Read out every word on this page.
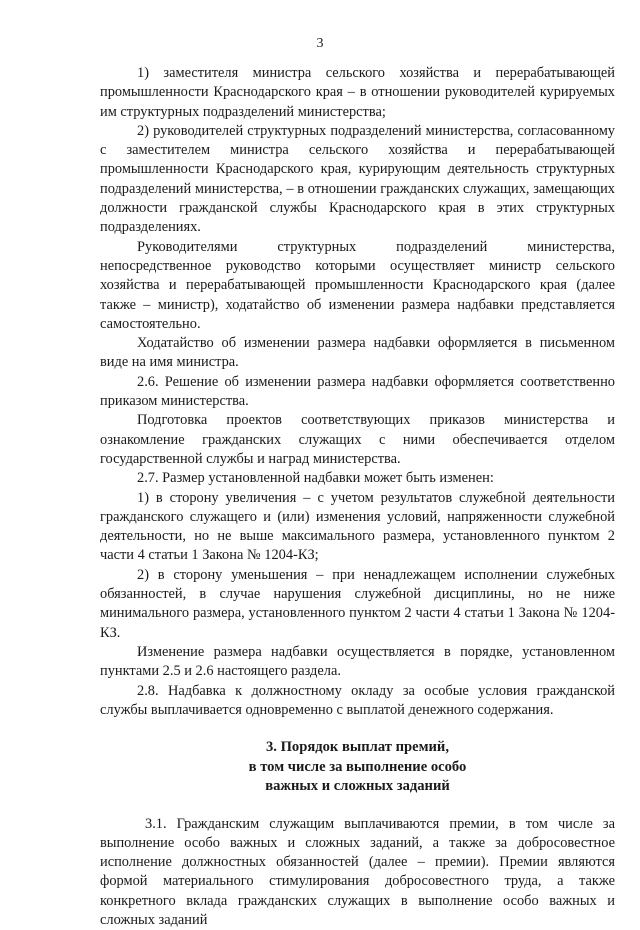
3

1) заместителя министра сельского хозяйства и перерабатывающей промышленности Краснодарского края – в отношении руководителей курируемых им структурных подразделений министерства;

2) руководителей структурных подразделений министерства, согласованному с заместителем министра сельского хозяйства и перерабатывающей промышленности Краснодарского края, курирующим деятельность структурных подразделений министерства, – в отношении гражданских служащих, замещающих должности гражданской службы Краснодарского края в этих структурных подразделениях.

Руководителями структурных подразделений министерства, непосредственное руководство которыми осуществляет министр сельского хозяйства и перерабатывающей промышленности Краснодарского края (далее также – министр), ходатайство об изменении размера надбавки представляется самостоятельно.

Ходатайство об изменении размера надбавки оформляется в письменном виде на имя министра.

2.6. Решение об изменении размера надбавки оформляется соответственно приказом министерства.

Подготовка проектов соответствующих приказов министерства и ознакомление гражданских служащих с ними обеспечивается отделом государственной службы и наград министерства.

2.7. Размер установленной надбавки может быть изменен:

1) в сторону увеличения – с учетом результатов служебной деятельности гражданского служащего и (или) изменения условий, напряженности служебной деятельности, но не выше максимального размера, установленного пунктом 2 части 4 статьи 1 Закона № 1204-КЗ;

2) в сторону уменьшения – при ненадлежащем исполнении служебных обязанностей, в случае нарушения служебной дисциплины, но не ниже минимального размера, установленного пунктом 2 части 4 статьи 1 Закона № 1204-КЗ.

Изменение размера надбавки осуществляется в порядке, установленном пунктами 2.5 и 2.6 настоящего раздела.

2.8. Надбавка к должностному окладу за особые условия гражданской службы выплачивается одновременно с выплатой денежного содержания.

3. Порядок выплат премий,
в том числе за выполнение особо
важных и сложных заданий

3.1. Гражданским служащим выплачиваются премии, в том числе за выполнение особо важных и сложных заданий, а также за добросовестное исполнение должностных обязанностей (далее – премии). Премии являются формой материального стимулирования добросовестного труда, а также конкретного вклада гражданских служащих в выполнение особо важных и сложных заданий
